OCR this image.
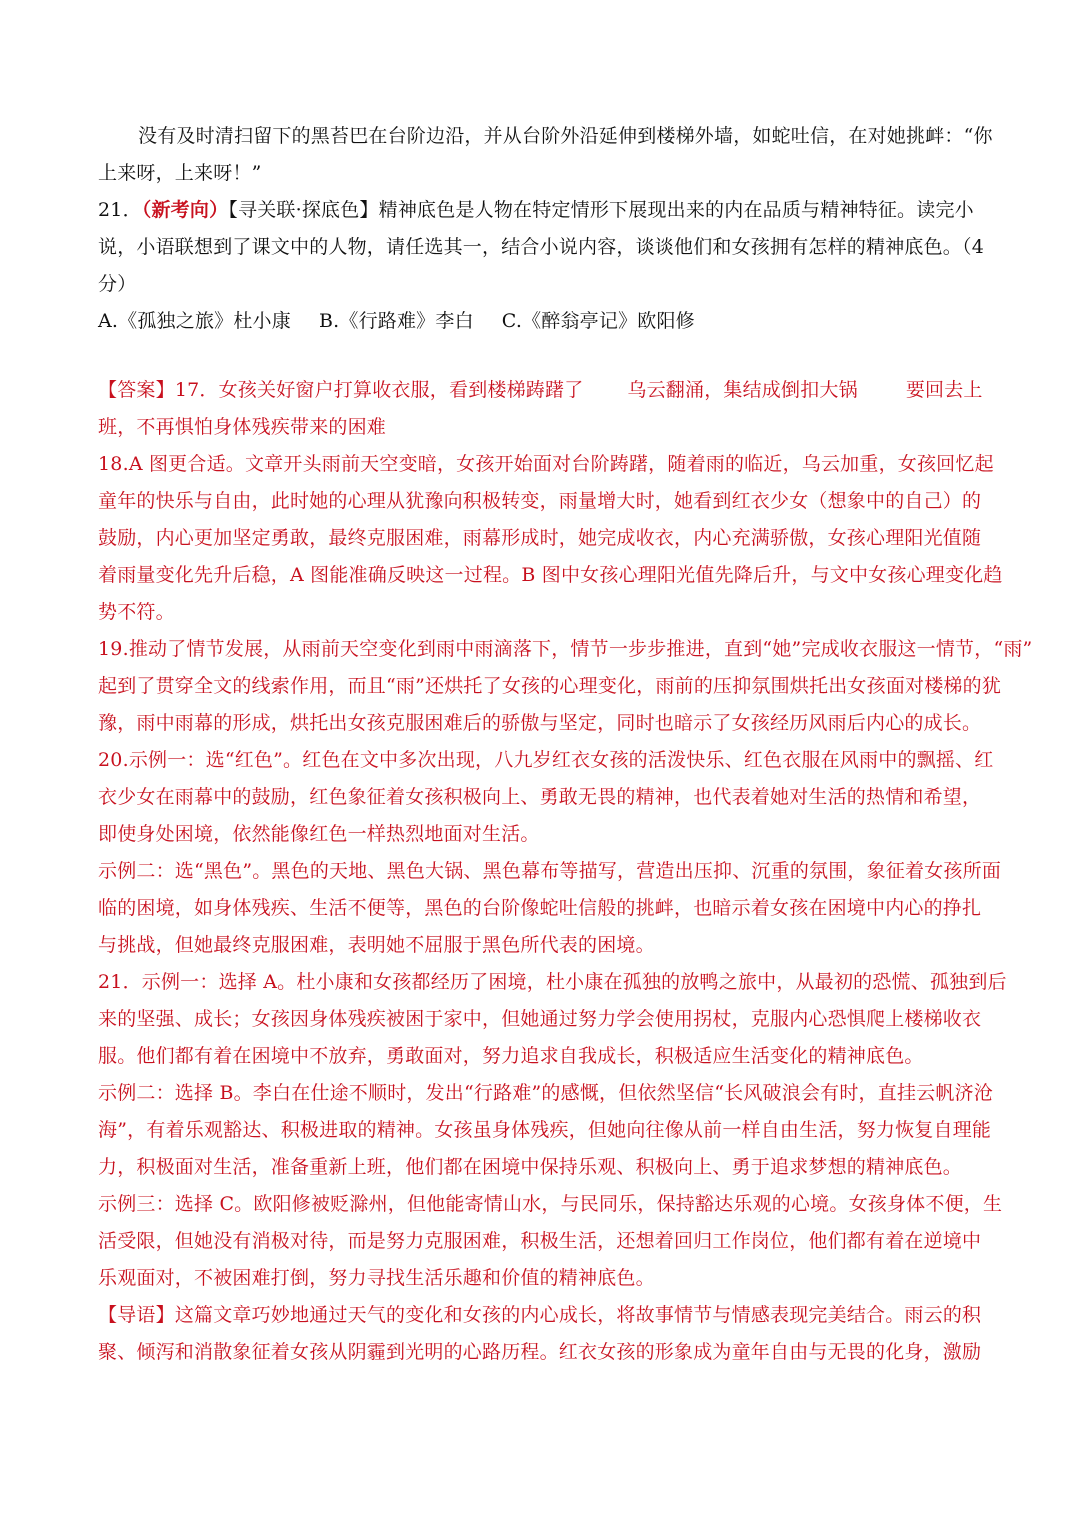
没有及时清扫留下的黑苔巴在台阶边沿，并从台阶外沿延伸到楼梯外墙，如蛇吐信，在对她挑衅：“你
上来呀，上来呀！”
21．（新考向）【寻关联·探底色】精神底色是人物在特定情形下展现出来的内在品质与精神特征。读完小
说，小语联想到了课文中的人物，请任选其一，结合小说内容，谈谈他们和女孩拥有怎样的精神底色。（4
分）
A.《孤独之旅》杜小康 B.《行路难》李白 C.《醉翁亭记》欧阳修
【答案】17．女孩关好窗户打算收衣服，看到楼梯踌躇了 乌云翻涌，集结成倒扣大锅	要回去上
班，不再惧怕身体残疾带来的困难
18.A 图更合适。文章开头雨前天空变暗，女孩开始面对台阶踌躇，随着雨的临近，乌云加重，女孩回忆起
童年的快乐与自由，此时她的心理从犹豫向积极转变，雨量增大时，她看到红衣少女（想象中的自己）的
鼓励，内心更加坚定勇敢，最终克服困难，雨幕形成时，她完成收衣，内心充满骄傲，女孩心理阳光值随
着雨量变化先升后稳，A 图能准确反映这一过程。B 图中女孩心理阳光值先降后升，与文中女孩心理变化趋
势不符。
19.推动了情节发展，从雨前天空变化到雨中雨滴落下，情节一步步推进，直到“她”完成收衣服这一情节，“雨”
起到了贯穿全文的线索作用，而且“雨”还烘托了女孩的心理变化，雨前的压抑氛围烘托出女孩面对楼梯的犹
豫，雨中雨幕的形成，烘托出女孩克服困难后的骄傲与坚定，同时也暗示了女孩经历风雨后内心的成长。
20.示例一：选“红色”。红色在文中多次出现，八九岁红衣女孩的活泼快乐、红色衣服在风雨中的飘摇、红
衣少女在雨幕中的鼓励，红色象征着女孩积极向上、勇敢无畏的精神，也代表着她对生活的热情和希望，
即使身处困境，依然能像红色一样热烈地面对生活。
示例二：选“黑色”。黑色的天地、黑色大锅、黑色幕布等描写，营造出压抑、沉重的氛围，象征着女孩所面
临的困境，如身体残疾、生活不便等，黑色的台阶像蛇吐信般的挑衅，也暗示着女孩在困境中内心的挣扎
与挑战，但她最终克服困难，表明她不屈服于黑色所代表的困境。
21．示例一：选择 A。杜小康和女孩都经历了困境，杜小康在孤独的放鸭之旅中，从最初的恐慌、孤独到后
来的坚强、成长；女孩因身体残疾被困于家中，但她通过努力学会使用拐杖，克服内心恐惧爬上楼梯收衣
服。他们都有着在困境中不放弃，勇敢面对，努力追求自我成长，积极适应生活变化的精神底色。
示例二：选择 B。李白在仕途不顺时，发出“行路难”的感慨，但依然坚信“长风破浪会有时，直挂云帆济沧
海”，有着乐观豁达、积极进取的精神。女孩虽身体残疾，但她向往像从前一样自由生活，努力恢复自理能
力，积极面对生活，准备重新上班，他们都在困境中保持乐观、积极向上、勇于追求梦想的精神底色。
示例三：选择 C。欧阳修被贬滁州，但他能寄情山水，与民同乐，保持豁达乐观的心境。女孩身体不便，生
活受限，但她没有消极对待，而是努力克服困难，积极生活，还想着回归工作岗位，他们都有着在逆境中
乐观面对，不被困难打倒，努力寻找生活乐趣和价值的精神底色。
【导语】这篇文章巧妙地通过天气的变化和女孩的内心成长，将故事情节与情感表现完美结合。雨云的积
聚、倾泻和消散象征着女孩从阴霾到光明的心路历程。红衣女孩的形象成为童年自由与无畏的化身，激励
